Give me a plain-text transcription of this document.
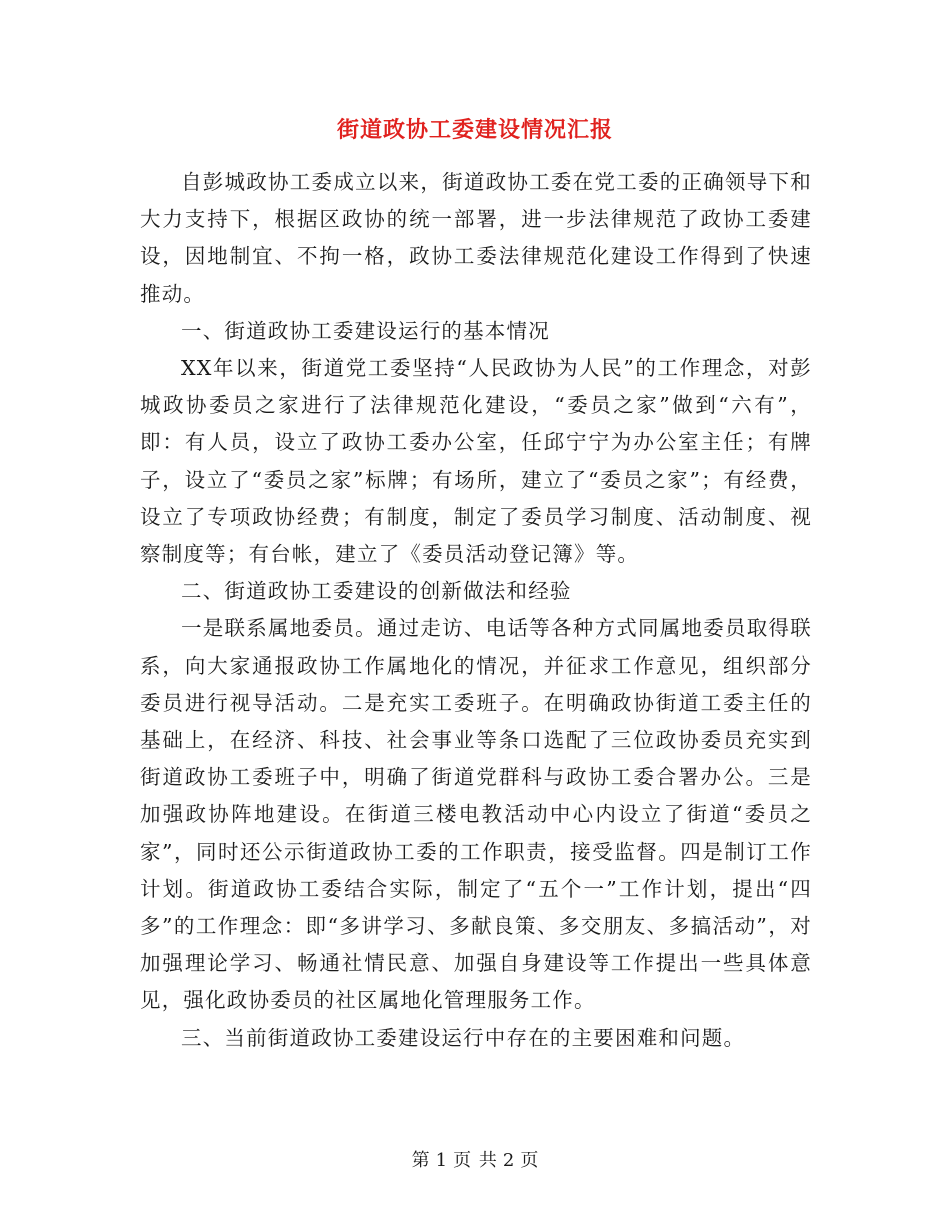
街道政协工委建设情况汇报

自彭城政协工委成立以来，街道政协工委在党工委的正确领导下和大力支持下，根据区政协的统一部署，进一步法律规范了政协工委建设，因地制宜、不拘一格，政协工委法律规范化建设工作得到了快速推动。

一、街道政协工委建设运行的基本情况

XX年以来，街道党工委坚持“人民政协为人民”的工作理念，对彭城政协委员之家进行了法律规范化建设，“委员之家”做到“六有”，即：有人员，设立了政协工委办公室，任邱宁宁为办公室主任；有牌子，设立了“委员之家”标牌；有场所，建立了“委员之家”；有经费，设立了专项政协经费；有制度，制定了委员学习制度、活动制度、视察制度等；有台帐，建立了《委员活动登记簿》等。

二、街道政协工委建设的创新做法和经验

一是联系属地委员。通过走访、电话等各种方式同属地委员取得联系，向大家通报政协工作属地化的情况，并征求工作意见，组织部分委员进行视导活动。二是充实工委班子。在明确政协街道工委主任的基础上，在经济、科技、社会事业等条口选配了三位政协委员充实到街道政协工委班子中，明确了街道党群科与政协工委合署办公。三是加强政协阵地建设。在街道三楼电教活动中心内设立了街道“委员之家”，同时还公示街道政协工委的工作职责，接受监督。四是制订工作计划。街道政协工委结合实际，制定了“五个一”工作计划，提出“四多”的工作理念：即“多讲学习、多献良策、多交朋友、多搞活动”，对加强理论学习、畅通社情民意、加强自身建设等工作提出一些具体意见，强化政协委员的社区属地化管理服务工作。

三、当前街道政协工委建设运行中存在的主要困难和问题。

第 1 页 共 2 页
